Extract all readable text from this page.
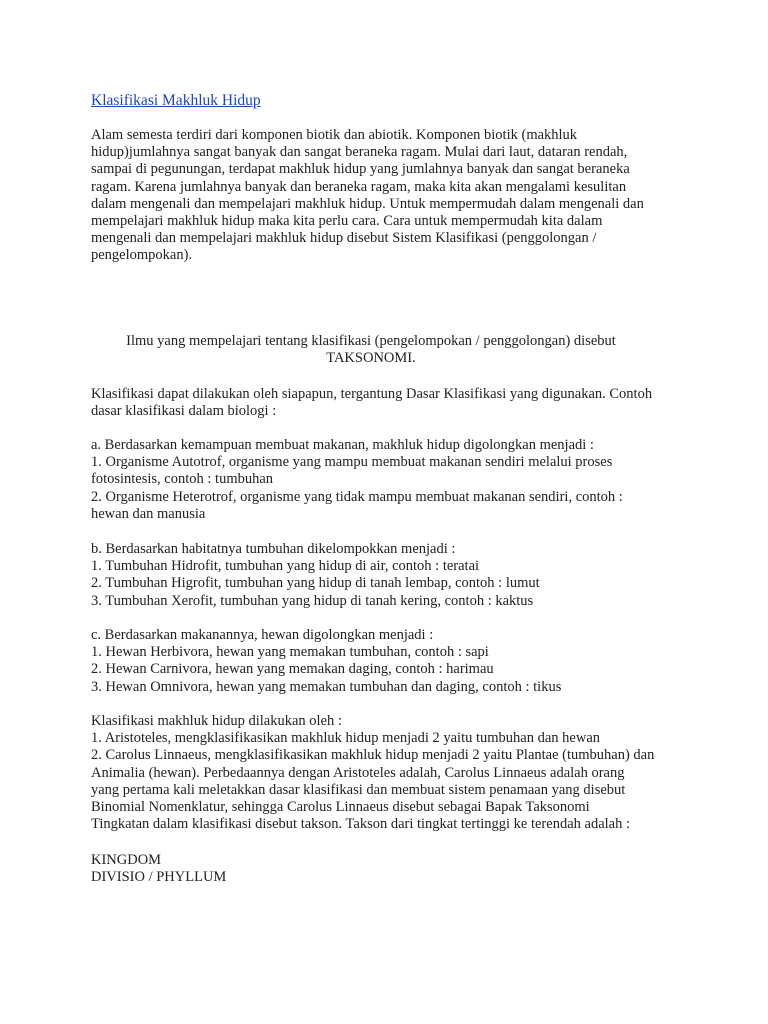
Klasifikasi Makhluk Hidup
Alam semesta terdiri dari komponen biotik dan abiotik. Komponen biotik (makhluk
hidup)jumlahnya sangat banyak dan sangat beraneka ragam. Mulai dari laut, dataran rendah,
sampai di pegunungan, terdapat makhluk hidup yang jumlahnya banyak dan sangat beraneka
ragam. Karena jumlahnya banyak dan beraneka ragam, maka kita akan mengalami kesulitan
dalam mengenali dan mempelajari makhluk hidup. Untuk mempermudah dalam mengenali dan
mempelajari makhluk hidup maka kita perlu cara. Cara untuk mempermudah kita dalam
mengenali dan mempelajari makhluk hidup disebut Sistem Klasifikasi (penggolongan /
pengelompokan).
Ilmu yang mempelajari tentang klasifikasi (pengelompokan / penggolongan) disebut
TAKSONOMI.
Klasifikasi dapat dilakukan oleh siapapun, tergantung Dasar Klasifikasi yang digunakan. Contoh
dasar klasifikasi dalam biologi :
a. Berdasarkan kemampuan membuat makanan, makhluk hidup digolongkan menjadi :
1. Organisme Autotrof, organisme yang mampu membuat makanan sendiri melalui proses
fotosintesis, contoh : tumbuhan
2. Organisme Heterotrof, organisme yang tidak mampu membuat makanan sendiri, contoh :
hewan dan manusia
b. Berdasarkan habitatnya tumbuhan dikelompokkan menjadi :
1. Tumbuhan Hidrofit, tumbuhan yang hidup di air, contoh : teratai
2. Tumbuhan Higrofit, tumbuhan yang hidup di tanah lembap, contoh : lumut
3. Tumbuhan Xerofit, tumbuhan yang hidup di tanah kering, contoh : kaktus
c. Berdasarkan makanannya, hewan digolongkan menjadi :
1. Hewan Herbivora, hewan yang memakan tumbuhan, contoh : sapi
2. Hewan Carnivora, hewan yang memakan daging, contoh : harimau
3. Hewan Omnivora, hewan yang memakan tumbuhan dan daging, contoh : tikus
Klasifikasi makhluk hidup dilakukan oleh :
1. Aristoteles, mengklasifikasikan makhluk hidup menjadi 2 yaitu tumbuhan dan hewan
2. Carolus Linnaeus, mengklasifikasikan makhluk hidup menjadi 2 yaitu Plantae (tumbuhan) dan
Animalia (hewan). Perbedaannya dengan Aristoteles adalah, Carolus Linnaeus adalah orang
yang pertama kali meletakkan dasar klasifikasi dan membuat sistem penamaan yang disebut
Binomial Nomenklatur, sehingga Carolus Linnaeus disebut sebagai Bapak Taksonomi
Tingkatan dalam klasifikasi disebut takson. Takson dari tingkat tertinggi ke terendah adalah :
KINGDOM
DIVISIO / PHYLLUM
